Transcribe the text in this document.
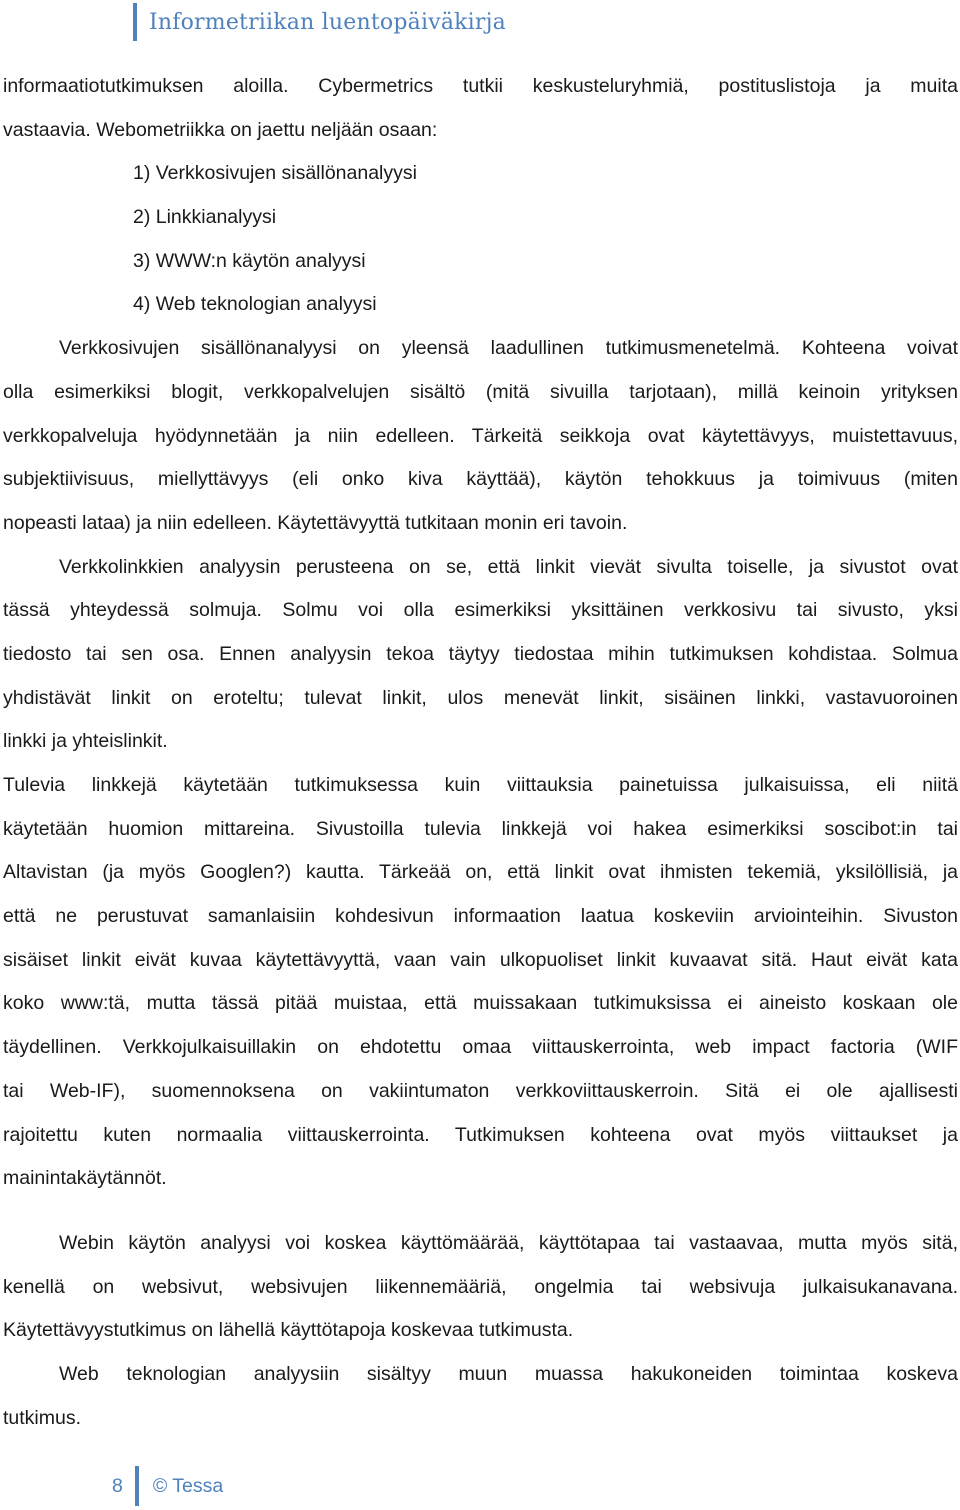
Informetriikan luentopäiväkirja
informaatiotutkimuksen aloilla. Cybermetrics tutkii keskusteluryhmiä, postituslistoja ja muita
vastaavia. Webometriikka on jaettu neljään osaan:
1) Verkkosivujen sisällönanalyysi
2) Linkkianalyysi
3) WWW:n käytön analyysi
4) Web teknologian analyysi
Verkkosivujen sisällönanalyysi on yleensä laadullinen tutkimusmenetelmä. Kohteena voivat
olla esimerkiksi blogit, verkkopalvelujen sisältö (mitä sivuilla tarjotaan), millä keinoin yrityksen
verkkopalveluja hyödynnetään ja niin edelleen. Tärkeitä seikkoja ovat käytettävyys, muistettavuus,
subjektiivisuus, miellyttävyys (eli onko kiva käyttää), käytön tehokkuus ja toimivuus (miten
nopeasti lataa) ja niin edelleen. Käytettävyyttä tutkitaan monin eri tavoin.
Verkkolinkkien analyysin perusteena on se, että linkit vievät sivulta toiselle, ja sivustot ovat
tässä yhteydessä solmuja. Solmu voi olla esimerkiksi yksittäinen verkkosivu tai sivusto, yksi
tiedosto tai sen osa. Ennen analyysin tekoa täytyy tiedostaa mihin tutkimuksen kohdistaa. Solmua
yhdistävät linkit on eroteltu; tulevat linkit, ulos menevät linkit, sisäinen linkki, vastavuoroinen
linkki ja yhteislinkit.
Tulevia linkkejä käytetään tutkimuksessa kuin viittauksia painetuissa julkaisuissa, eli niitä
käytetään huomion mittareina. Sivustoilla tulevia linkkejä voi hakea esimerkiksi soscibot:in tai
Altavistan (ja myös Googlen?) kautta. Tärkeää on, että linkit ovat ihmisten tekemiä, yksilöllisiä, ja
että ne perustuvat samanlaisiin kohdesivun informaation laatua koskeviin arviointeihin. Sivuston
sisäiset linkit eivät kuvaa käytettävyyttä, vaan vain ulkopuoliset linkit kuvaavat sitä. Haut eivät kata
koko www:tä, mutta tässä pitää muistaa, että muissakaan tutkimuksissa ei aineisto koskaan ole
täydellinen. Verkkojulkaisuillakin on ehdotettu omaa viittauskerrointa, web impact factoria (WIF
tai Web-IF), suomennoksena on vakiintumaton verkkoviittauskerroin. Sitä ei ole ajallisesti
rajoitettu kuten normaalia viittauskerrointa. Tutkimuksen kohteena ovat myös viittaukset ja
mainintakäytännöt.
Webin käytön analyysi voi koskea käyttömäärää, käyttötapaa tai vastaavaa, mutta myös sitä,
kenellä on websivut, websivujen liikennemääriä, ongelmia tai websivuja julkaisukanavana.
Käytettävyystutkimus on lähellä käyttötapoja koskevaa tutkimusta.
Web teknologian analyysiin sisältyy muun muassa hakukoneiden toimintaa koskeva
tutkimus.
8 © Tessa
